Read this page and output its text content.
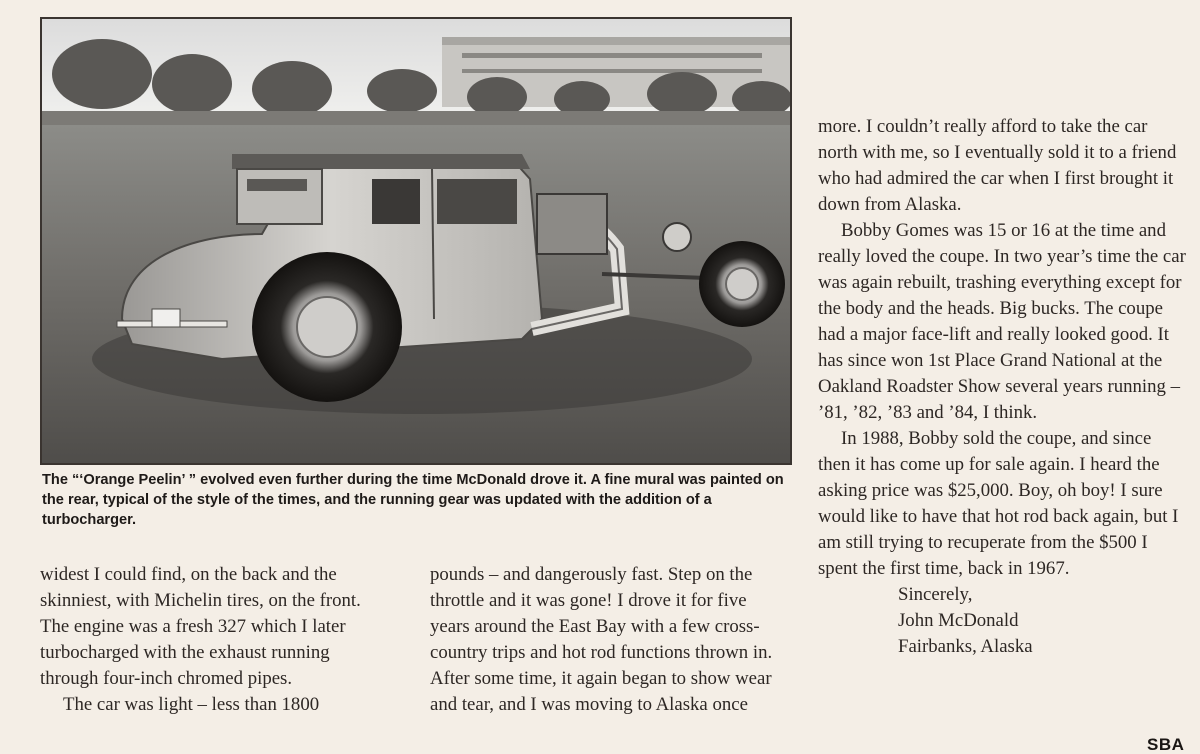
The “‘Orange Peelin’ ” evolved even further during the time McDonald drove it. A fine mural was painted on the rear, typical of the style of the times, and the running gear was updated with the addition of a turbocharger.

widest I could find, on the back and the skinniest, with Michelin tires, on the front. The engine was a fresh 327 which I later turbocharged with the exhaust running through four-inch chromed pipes.

The car was light – less than 1800

pounds – and dangerously fast. Step on the throttle and it was gone! I drove it for five years around the East Bay with a few cross-country trips and hot rod functions thrown in. After some time, it again began to show wear and tear, and I was moving to Alaska once

more. I couldn’t really afford to take the car north with me, so I eventually sold it to a friend who had admired the car when I first brought it down from Alaska.

Bobby Gomes was 15 or 16 at the time and really loved the coupe. In two year’s time the car was again rebuilt, trashing everything except for the body and the heads. Big bucks. The coupe had a major face-lift and really looked good. It has since won 1st Place Grand National at the Oakland Roadster Show several years running – ’81, ’82, ’83 and ’84, I think.

In 1988, Bobby sold the coupe, and since then it has come up for sale again. I heard the asking price was $25,000. Boy, oh boy! I sure would like to have that hot rod back again, but I am still trying to recuperate from the $500 I spent the first time, back in 1967.

Sincerely,
John McDonald
Fairbanks, Alaska
SBA
